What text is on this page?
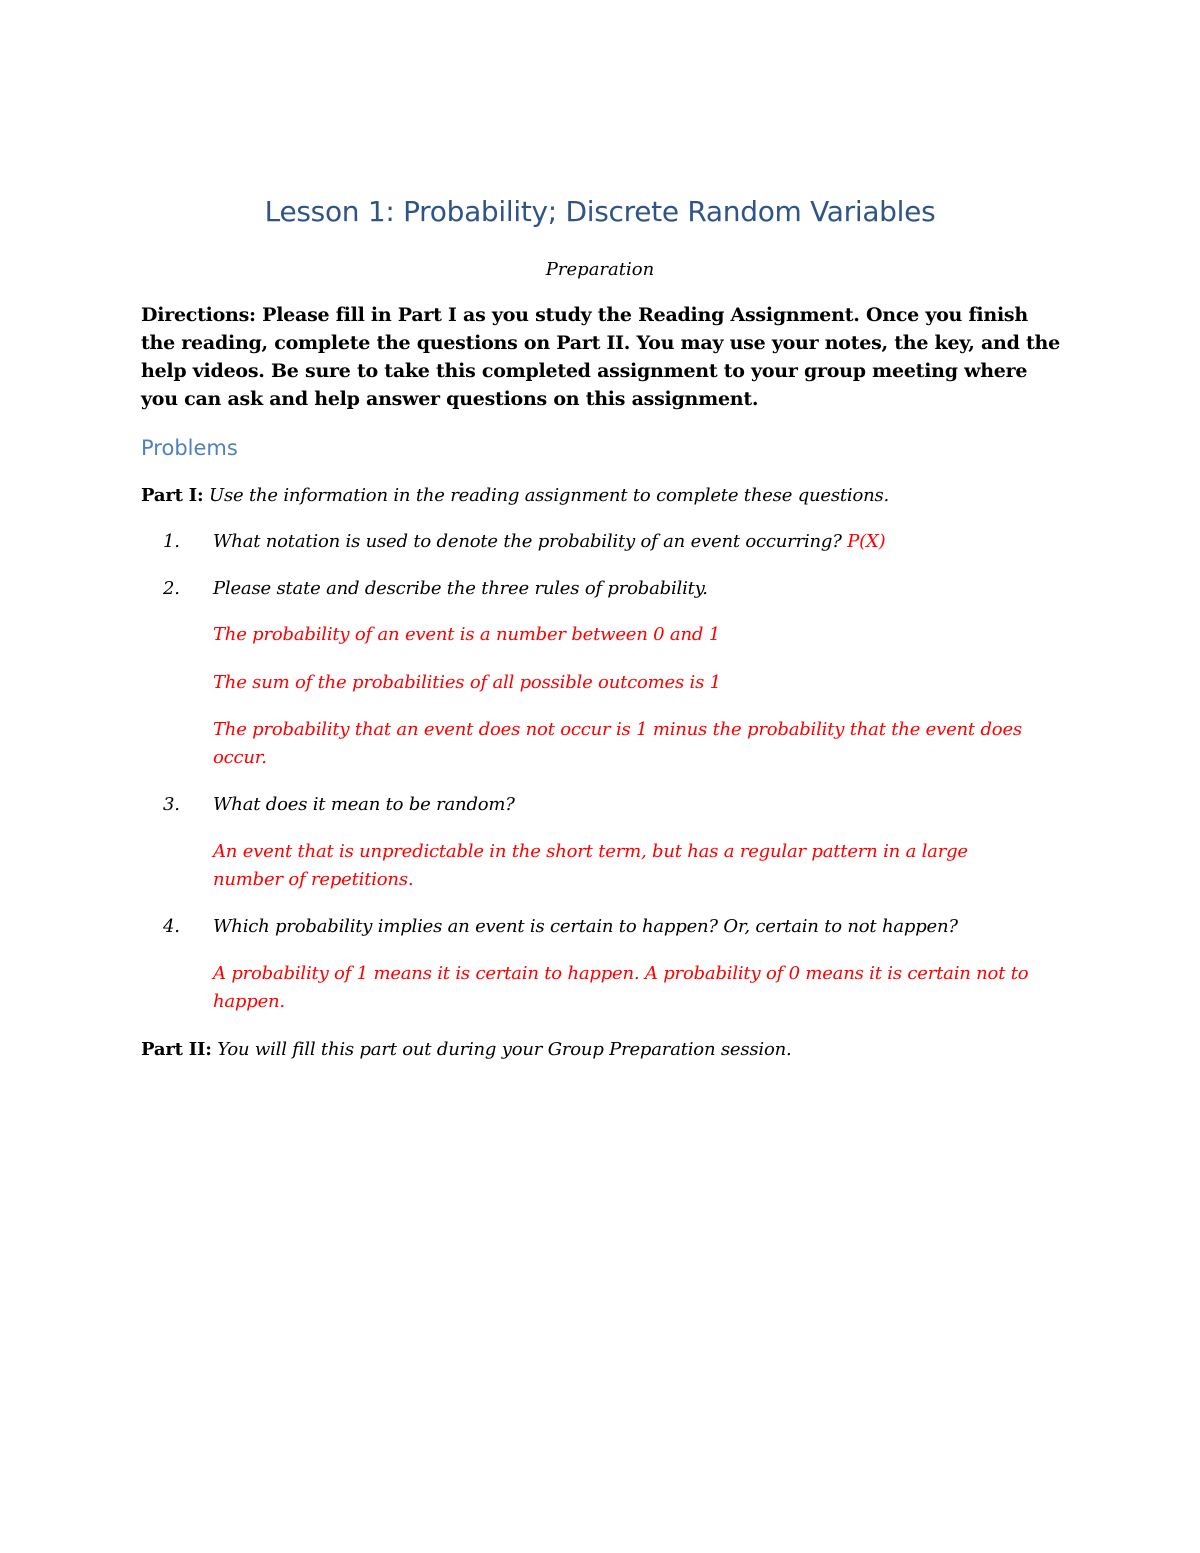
Lesson 1: Probability; Discrete Random Variables

Preparation

Directions: Please fill in Part I as you study the Reading Assignment. Once you finish the reading, complete the questions on Part II. You may use your notes, the key, and the help videos. Be sure to take this completed assignment to your group meeting where you can ask and help answer questions on this assignment.

Problems

Part I: Use the information in the reading assignment to complete these questions.

1. What notation is used to denote the probability of an event occurring? P(X)
2. Please state and describe the three rules of probability.

The probability of an event is a number between 0 and 1

The sum of the probabilities of all possible outcomes is 1

The probability that an event does not occur is 1 minus the probability that the event does occur.

3. What does it mean to be random?

An event that is unpredictable in the short term, but has a regular pattern in a large number of repetitions.

4. Which probability implies an event is certain to happen? Or, certain to not happen?

A probability of 1 means it is certain to happen. A probability of 0 means it is certain not to happen.

Part II: You will fill this part out during your Group Preparation session.
